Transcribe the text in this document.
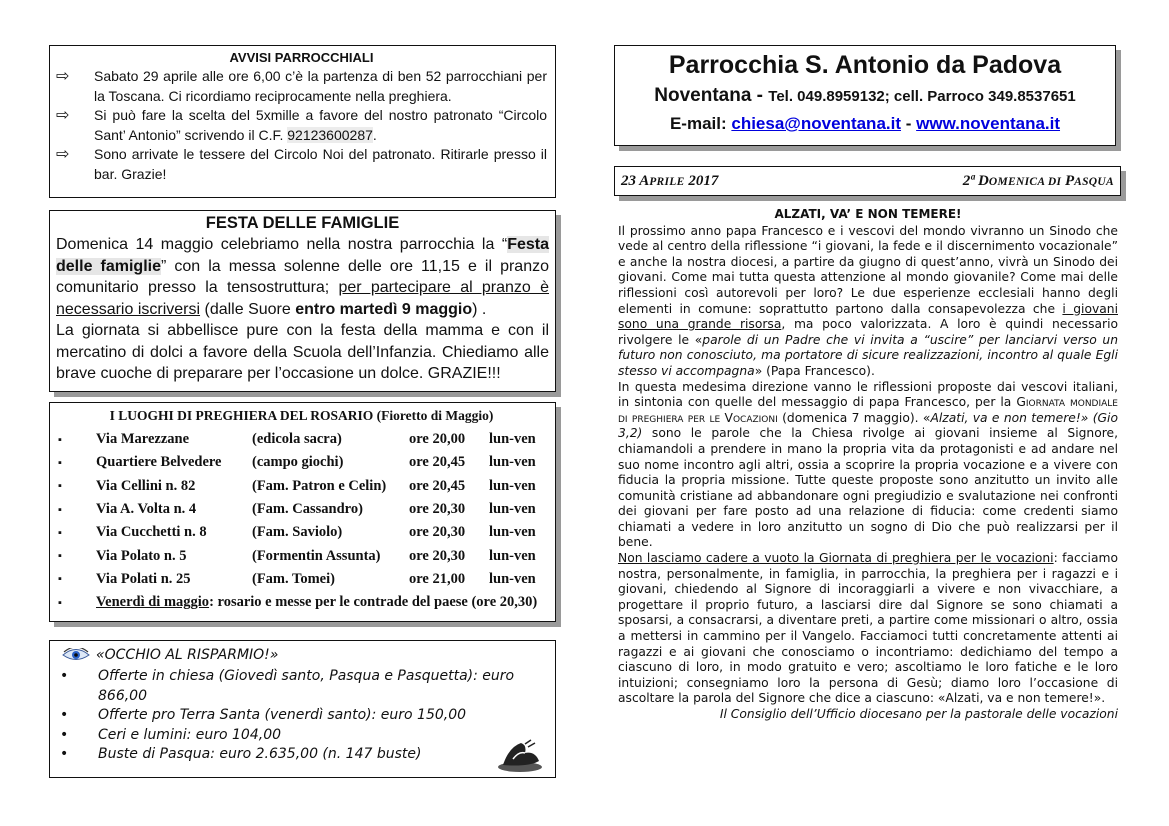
AVVISI PARROCCHIALI
⇨	Sabato 29 aprile alle ore 6,00 c’è la partenza di ben 52 parrocchiani per la Toscana. Ci ricordiamo reciprocamente nella preghiera.
⇨	Si può fare la scelta del 5xmille a favore del nostro patronato “Circolo Sant’ Antonio” scrivendo il C.F. 92123600287.
⇨	Sono arrivate le tessere del Circolo Noi del patronato. Ritirarle presso il bar. Grazie!
FESTA DELLE FAMIGLIE

Domenica 14 maggio celebriamo nella nostra parrocchia la “Festa delle famiglie” con la messa solenne delle ore 11,15 e il pranzo comunitario presso la tensostruttura; per partecipare al pranzo è necessario iscriversi (dalle Suore entro martedì 9 maggio) .

La giornata si abbellisce pure con la festa della mamma e con il mercatino di dolci a favore della Scuola dell’Infanzia. Chiediamo alle brave cuoche di preparare per l’occasione un dolce. GRAZIE!!!

I LUOGHI DI PREGHIERA DEL ROSARIO (Fioretto di Maggio)
▪	Via Marezzane	(edicola sacra)	ore 20,00	lun-ven
▪	Quartiere Belvedere	(campo giochi)	ore 20,45	lun-ven
▪	Via Cellini n. 82	(Fam. Patron e Celin)	ore 20,45	lun-ven
▪	Via A. Volta n. 4	(Fam. Cassandro)	ore 20,30	lun-ven
▪	Via Cucchetti n. 8	(Fam. Saviolo)	ore 20,30	lun-ven
▪	Via Polato n. 5	(Formentin Assunta)	ore 20,30	lun-ven
▪	Via Polati n. 25	(Fam. Tomei)	ore 21,00	lun-ven
▪	Venerdì di maggio: rosario e messe per le contrade del paese (ore 20,30)
«OCCHIO AL RISPARMIO!»
•	Offerte in chiesa (Giovedì santo, Pasqua e Pasquetta): euro 866,00
•	Offerte pro Terra Santa (venerdì santo): euro 150,00
•	Ceri e lumini: euro 104,00
•	Buste di Pasqua: euro 2.635,00 (n. 147 buste)
Parrocchia S. Antonio da Padova
Noventana - Tel. 049.8959132; cell. Parroco 349.8537651
E-mail: chiesa@noventana.it - www.noventana.it
23 APRILE 2017	2ª DOMENICA DI PASQUA
ALZATI, VA’ E NON TEMERE!

Il prossimo anno papa Francesco e i vescovi del mondo vivranno un Sinodo che vede al centro della riflessione “i giovani, la fede e il discernimento vocazionale” e anche la nostra diocesi, a partire da giugno di quest’anno, vivrà un Sinodo dei giovani. Come mai tutta questa attenzione al mondo giovanile? Come mai delle riflessioni così autorevoli per loro? Le due esperienze ecclesiali hanno degli elementi in comune: soprattutto partono dalla consapevolezza che i giovani sono una grande risorsa, ma poco valorizzata. A loro è quindi necessario rivolgere le «parole di un Padre che vi invita a “uscire” per lanciarvi verso un futuro non conosciuto, ma portatore di sicure realizzazioni, incontro al quale Egli stesso vi accompagna» (Papa Francesco).

In questa medesima direzione vanno le riflessioni proposte dai vescovi italiani, in sintonia con quelle del messaggio di papa Francesco, per la Giornata mondiale di preghiera per le Vocazioni (domenica 7 maggio). «Alzati, va e non temere!» (Gio 3,2) sono le parole che la Chiesa rivolge ai giovani insieme al Signore, chiamandoli a prendere in mano la propria vita da protagonisti e ad andare nel suo nome incontro agli altri, ossia a scoprire la propria vocazione e a vivere con fiducia la propria missione. Tutte queste proposte sono anzitutto un invito alle comunità cristiane ad abbandonare ogni pregiudizio e svalutazione nei confronti dei giovani per fare posto ad una relazione di fiducia: come credenti siamo chiamati a vedere in loro anzitutto un sogno di Dio che può realizzarsi per il bene.

Non lasciamo cadere a vuoto la Giornata di preghiera per le vocazioni: facciamo nostra, personalmente, in famiglia, in parrocchia, la preghiera per i ragazzi e i giovani, chiedendo al Signore di incoraggiarli a vivere e non vivacchiare, a progettare il proprio futuro, a lasciarsi dire dal Signore se sono chiamati a sposarsi, a consacrarsi, a diventare preti, a partire come missionari o altro, ossia a mettersi in cammino per il Vangelo. Facciamoci tutti concretamente attenti ai ragazzi e ai giovani che conosciamo o incontriamo: dedichiamo del tempo a ciascuno di loro, in modo gratuito e vero; ascoltiamo le loro fatiche e le loro intuizioni; consegniamo loro la persona di Gesù; diamo loro l’occasione di ascoltare la parola del Signore che dice a ciascuno: «Alzati, va e non temere!».

Il Consiglio dell’Ufficio diocesano per la pastorale delle vocazioni
